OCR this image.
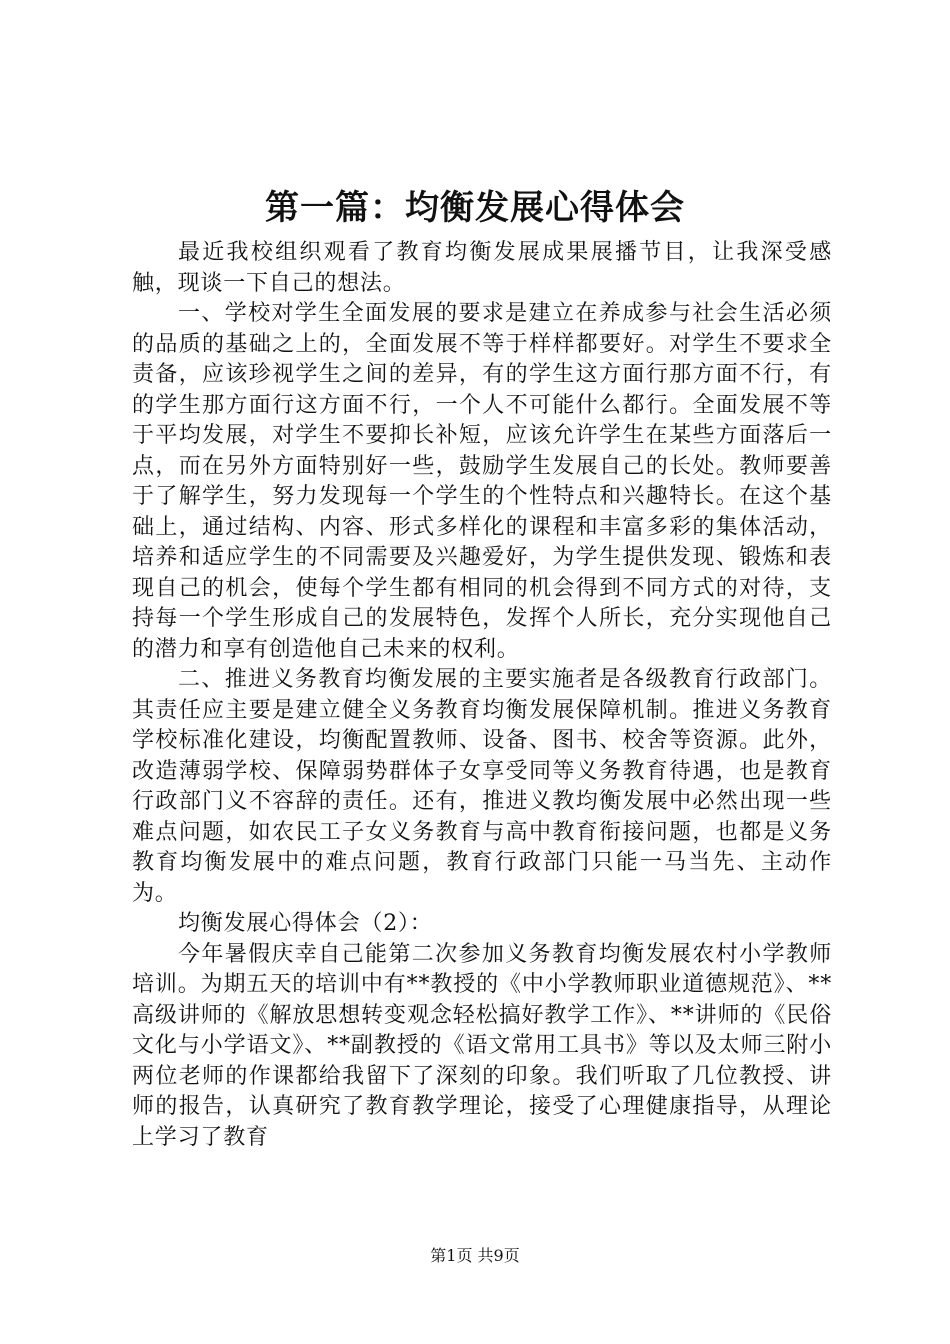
第一篇：均衡发展心得体会

最近我校组织观看了教育均衡发展成果展播节目，让我深受感触，现谈一下自己的想法。

一、学校对学生全面发展的要求是建立在养成参与社会生活必须的品质的基础之上的，全面发展不等于样样都要好。对学生不要求全责备，应该珍视学生之间的差异，有的学生这方面行那方面不行，有的学生那方面行这方面不行，一个人不可能什么都行。全面发展不等于平均发展，对学生不要抑长补短，应该允许学生在某些方面落后一点，而在另外方面特别好一些，鼓励学生发展自己的长处。教师要善于了解学生，努力发现每一个学生的个性特点和兴趣特长。在这个基础上，通过结构、内容、形式多样化的课程和丰富多彩的集体活动，培养和适应学生的不同需要及兴趣爱好，为学生提供发现、锻炼和表现自己的机会，使每个学生都有相同的机会得到不同方式的对待，支持每一个学生形成自己的发展特色，发挥个人所长，充分实现他自己的潜力和享有创造他自己未来的权利。

二、推进义务教育均衡发展的主要实施者是各级教育行政部门。其责任应主要是建立健全义务教育均衡发展保障机制。推进义务教育学校标准化建设，均衡配置教师、设备、图书、校舍等资源。此外，改造薄弱学校、保障弱势群体子女享受同等义务教育待遇，也是教育行政部门义不容辞的责任。还有，推进义教均衡发展中必然出现一些难点问题，如农民工子女义务教育与高中教育衔接问题，也都是义务教育均衡发展中的难点问题，教育行政部门只能一马当先、主动作为。

均衡发展心得体会（2）：

今年暑假庆幸自己能第二次参加义务教育均衡发展农村小学教师培训。为期五天的培训中有**教授的《中小学教师职业道德规范》、**高级讲师的《解放思想转变观念轻松搞好教学工作》、**讲师的《民俗文化与小学语文》、**副教授的《语文常用工具书》等以及太师三附小两位老师的作课都给我留下了深刻的印象。我们听取了几位教授、讲师的报告，认真研究了教育教学理论，接受了心理健康指导，从理论上学习了教育

第1页 共9页
